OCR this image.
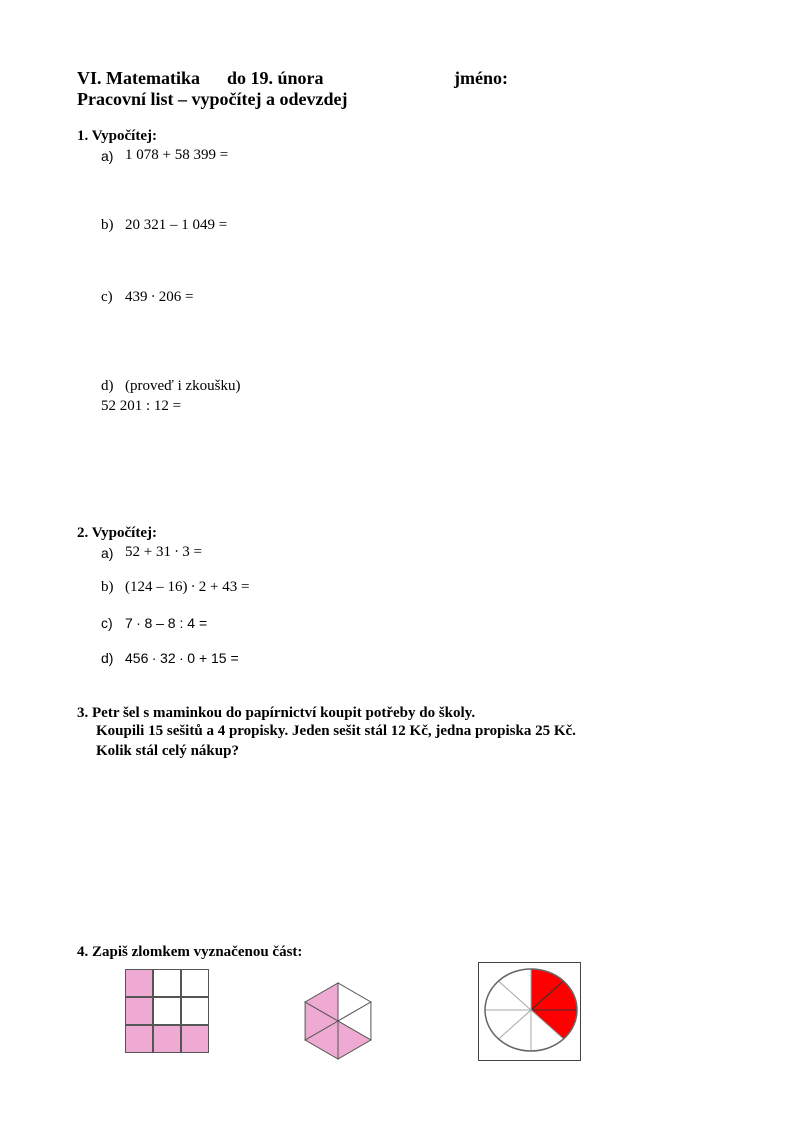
VI. Matematika do 19. února	jméno:
Pracovní list – vypočítej a odevzdej
1. Vypočítej:
a) 1 078 + 58 399 =
b) 20 321 – 1 049 =
c) 439 ∙ 206 =
d) (proveď i zkoušku)
52 201 : 12 =
2. Vypočítej:
a) 52 + 31 ∙ 3 =
b) (124 – 16) ∙ 2 + 43 =
c) 7 ∙ 8 – 8 : 4 =
d) 456 ∙ 32 ∙ 0 + 15 =
3. Petr šel s maminkou do papírnictví koupit potřeby do školy.
Koupili 15 sešitů a 4 propisky. Jeden sešit stál 12 Kč, jedna propiska 25 Kč.
Kolik stál celý nákup?
4. Zapiš zlomkem vyznačenou část:
